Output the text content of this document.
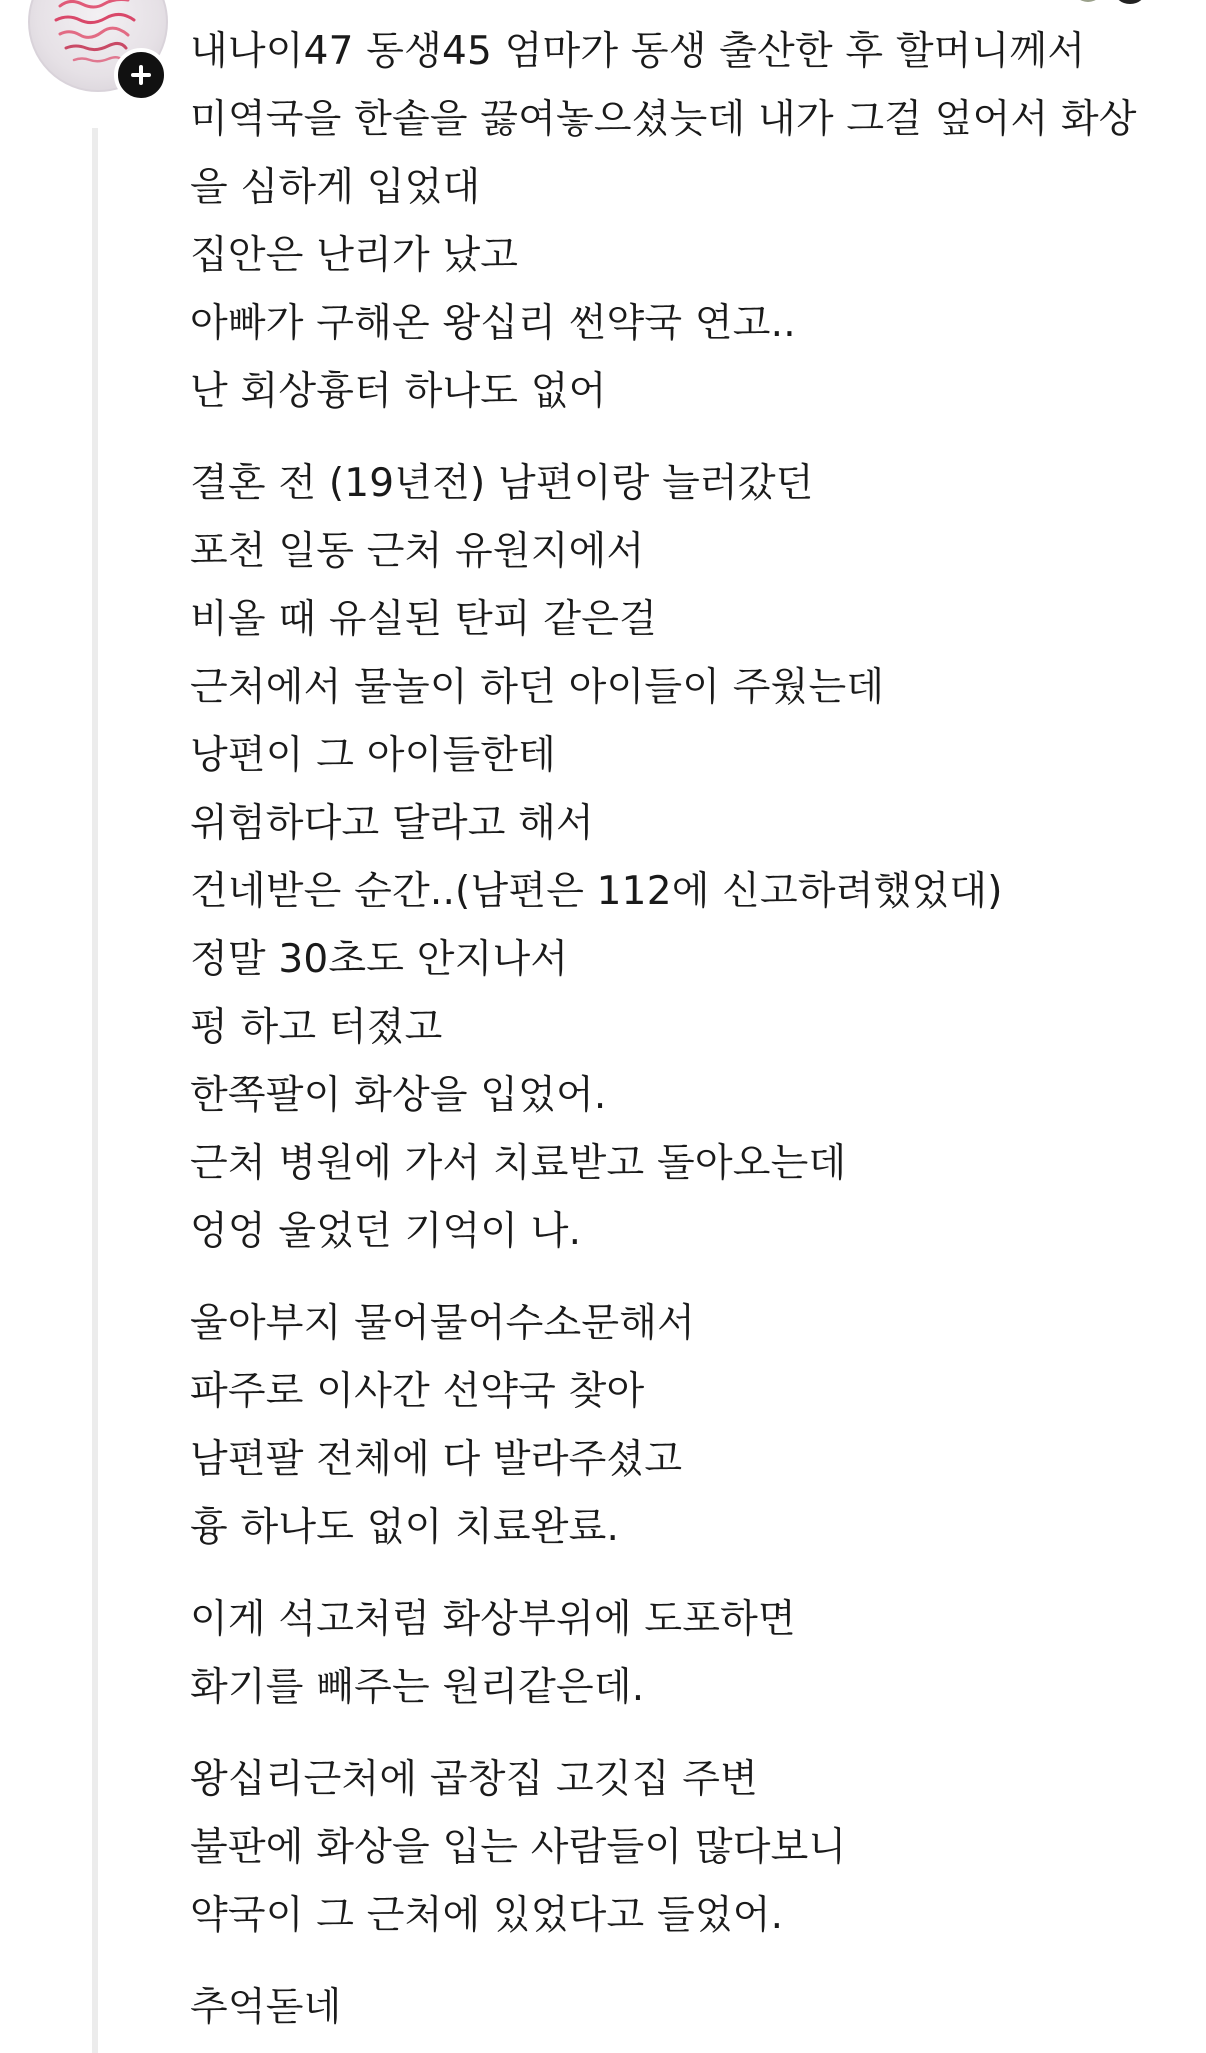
내나이47 동생45 엄마가 동생 출산한 후 할머니께서
미역국을 한솥을 끓여놓으셨늣데 내가 그걸 엎어서 화상
을 심하게 입었대
집안은 난리가 났고
아빠가 구해온 왕십리 썬약국 연고..
난 회상흉터 하나도 없어
결혼 전 (19년전) 남편이랑 늘러갔던
포천 일동 근처 유원지에서
비올 때 유실된 탄피 같은걸
근처에서 물놀이 하던 아이들이 주웠는데
낭편이 그 아이들한테
위험하다고 달라고 해서
건네받은 순간..(남편은 112에 신고하려했었대)
정말 30초도 안지나서
펑 하고 터졌고
한쪽팔이 화상을 입었어.
근처 병원에 가서 치료받고 돌아오는데
엉엉 울었던 기억이 나.
울아부지 물어물어수소문해서
파주로 이사간 선약국 찾아
남편팔 전체에 다 발라주셨고
흉 하나도 없이 치료완료.
이게 석고처럼 화상부위에 도포하면
화기를 빼주는 원리같은데.
왕십리근처에 곱창집 고깃집 주변
불판에 화상을 입는 사람들이 많다보니
약국이 그 근처에 있었다고 들었어.
추억돋네
